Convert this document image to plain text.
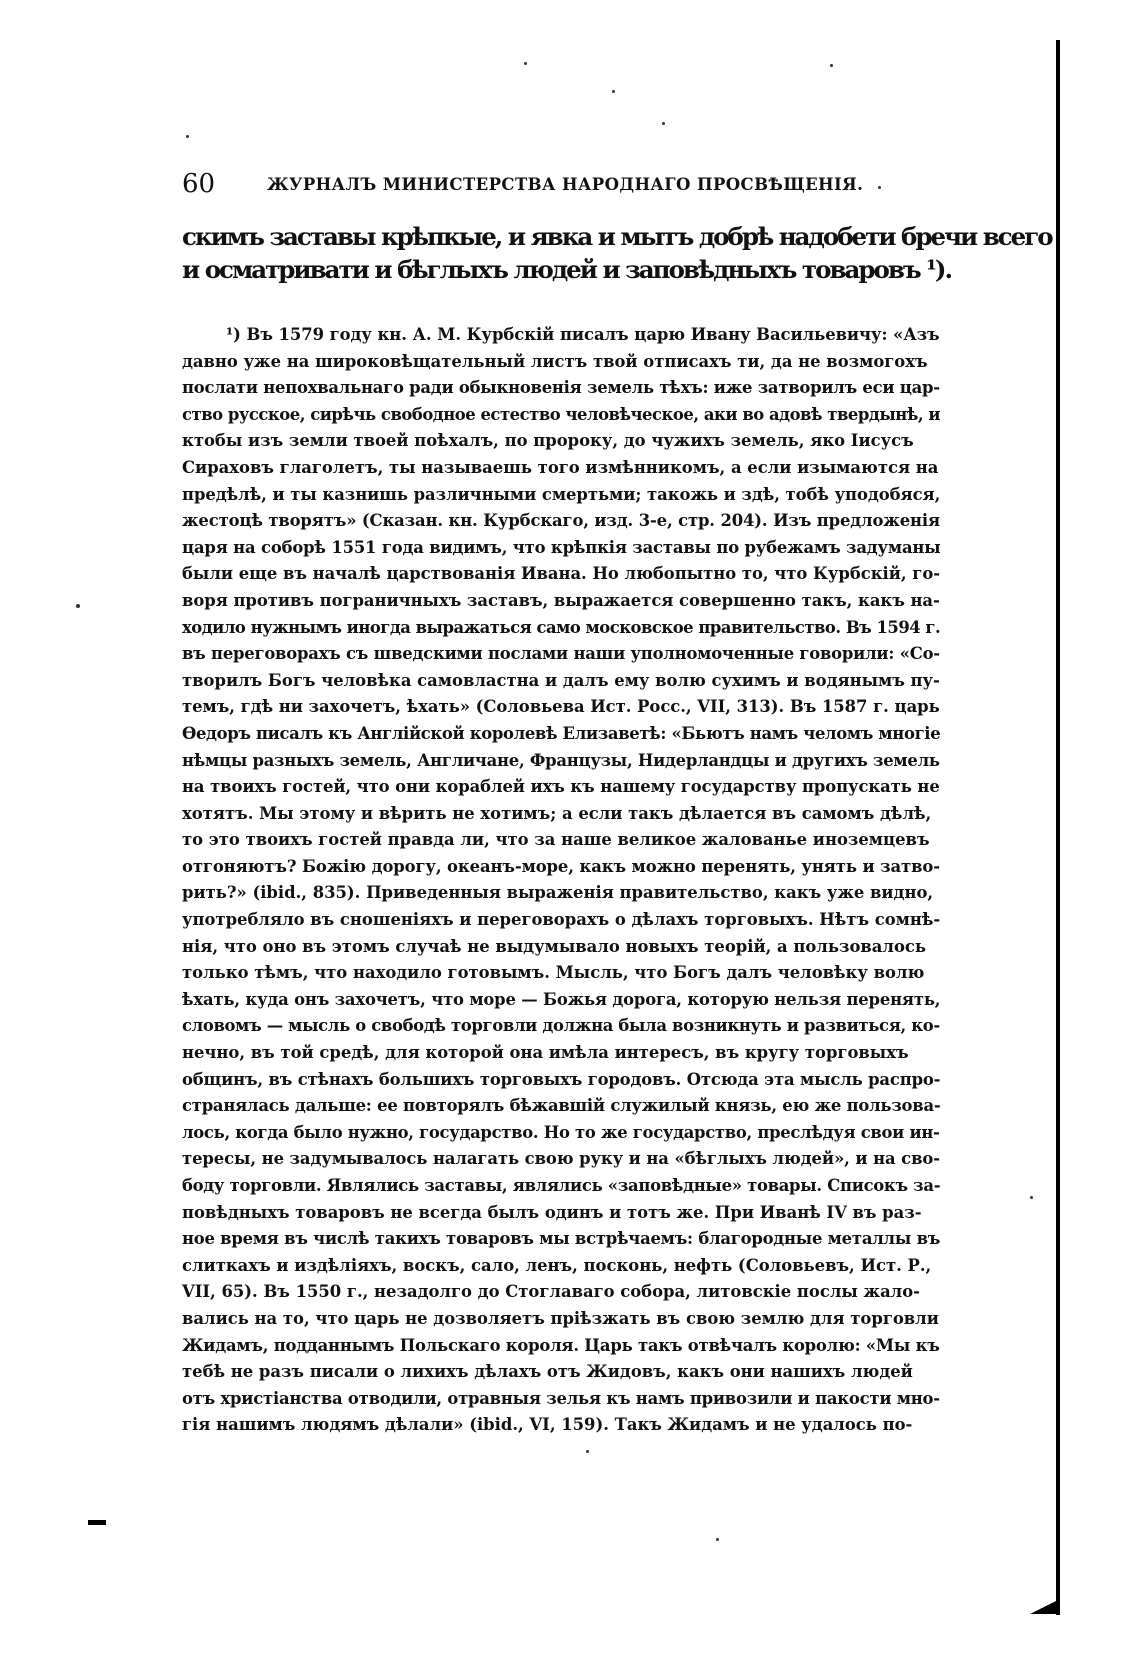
60	ЖУРНАЛЪ МИНИСТЕРСТВА НАРОДНАГО ПРОСВѢЩЕНІЯ.
скимъ заставы крѣпкые, и явка и мытъ добрѣ надобети бречи всего
и осматривати и бѣглыхъ людей и заповѣдныхъ товаровъ ¹).
¹) Въ 1579 году кн. А. М. Курбскій писалъ царю Ивану Васильевичу: «Азъ
давно уже на широковѣщательный листъ твой отписахъ ти, да не возмогохъ
послати непохвальнаго ради обыкновенія земель тѣхъ: иже затворилъ еси цар-
ство русское, сирѣчь свободное естество человѣческое, аки во адовѣ твердынѣ, и
ктобы изъ земли твоей поѣхалъ, по пророку, до чужихъ земель, яко Іисусъ
Сираховъ глаголетъ, ты называешь того измѣнникомъ, а если изымаются на
предѣлѣ, и ты казнишь различными смертьми; такожь и здѣ, тобѣ уподобяся,
жестоцѣ творятъ» (Сказан. кн. Курбскаго, изд. 3-е, стр. 204). Изъ предложенія
царя на соборѣ 1551 года видимъ, что крѣпкія заставы по рубежамъ задуманы
были еще въ началѣ царствованія Ивана. Но любопытно то, что Курбскій, го-
воря противъ пограничныхъ заставъ, выражается совершенно такъ, какъ на-
ходило нужнымъ иногда выражаться само московское правительство. Въ 1594 г.
въ переговорахъ съ шведскими послами наши уполномоченные говорили: «Со-
творилъ Богъ человѣка самовластна и далъ ему волю сухимъ и водянымъ пу-
темъ, гдѣ ни захочетъ, ѣхать» (Соловьева Ист. Росс., VII, 313). Въ 1587 г. царь
Ѳедоръ писалъ къ Англійской королевѣ Елизаветѣ: «Бьютъ намъ челомъ многіе
нѣмцы разныхъ земель, Англичане, Французы, Нидерландцы и другихъ земель
на твоихъ гостей, что они кораблей ихъ къ нашему государству пропускать не
хотятъ. Мы этому и вѣрить не хотимъ; а если такъ дѣлается въ самомъ дѣлѣ,
то это твоихъ гостей правда ли, что за наше великое жалованье иноземцевъ
отгоняютъ? Божію дорогу, океанъ-море, какъ можно перенять, унять и затво-
рить?» (ibid., 835). Приведенныя выраженія правительство, какъ уже видно,
употребляло въ сношеніяхъ и переговорахъ о дѣлахъ торговыхъ. Нѣтъ сомнѣ-
нія, что оно въ этомъ случаѣ не выдумывало новыхъ теорій, а пользовалось
только тѣмъ, что находило готовымъ. Мысль, что Богъ далъ человѣку волю
ѣхать, куда онъ захочетъ, что море — Божья дорога, которую нельзя перенять,
словомъ — мысль о свободѣ торговли должна была возникнуть и развиться, ко-
нечно, въ той средѣ, для которой она имѣла интересъ, въ кругу торговыхъ
общинъ, въ стѣнахъ большихъ торговыхъ городовъ. Отсюда эта мысль распро-
странялась дальше: ее повторялъ бѣжавшій служилый князь, ею же пользова-
лось, когда было нужно, государство. Но то же государство, преслѣдуя свои ин-
тересы, не задумывалось налагать свою руку и на «бѣглыхъ людей», и на сво-
боду торговли. Являлись заставы, являлись «заповѣдные» товары. Списокъ за-
повѣдныхъ товаровъ не всегда былъ одинъ и тотъ же. При Иванѣ IV въ раз-
ное время въ числѣ такихъ товаровъ мы встрѣчаемъ: благородные металлы въ
слиткахъ и издѣліяхъ, воскъ, сало, ленъ, посконь, нефть (Соловьевъ, Ист. Р.,
VII, 65). Въ 1550 г., незадолго до Стоглаваго собора, литовскіе послы жало-
вались на то, что царь не дозволяетъ пріѣзжать въ свою землю для торговли
Жидамъ, подданнымъ Польскаго короля. Царь такъ отвѣчалъ королю: «Мы къ
тебѣ не разъ писали о лихихъ дѣлахъ отъ Жидовъ, какъ они нашихъ людей
отъ христіанства отводили, отравныя зелья къ намъ привозили и пакости мно-
гія нашимъ людямъ дѣлали» (ibid., VI, 159). Такъ Жидамъ и не удалось по-
